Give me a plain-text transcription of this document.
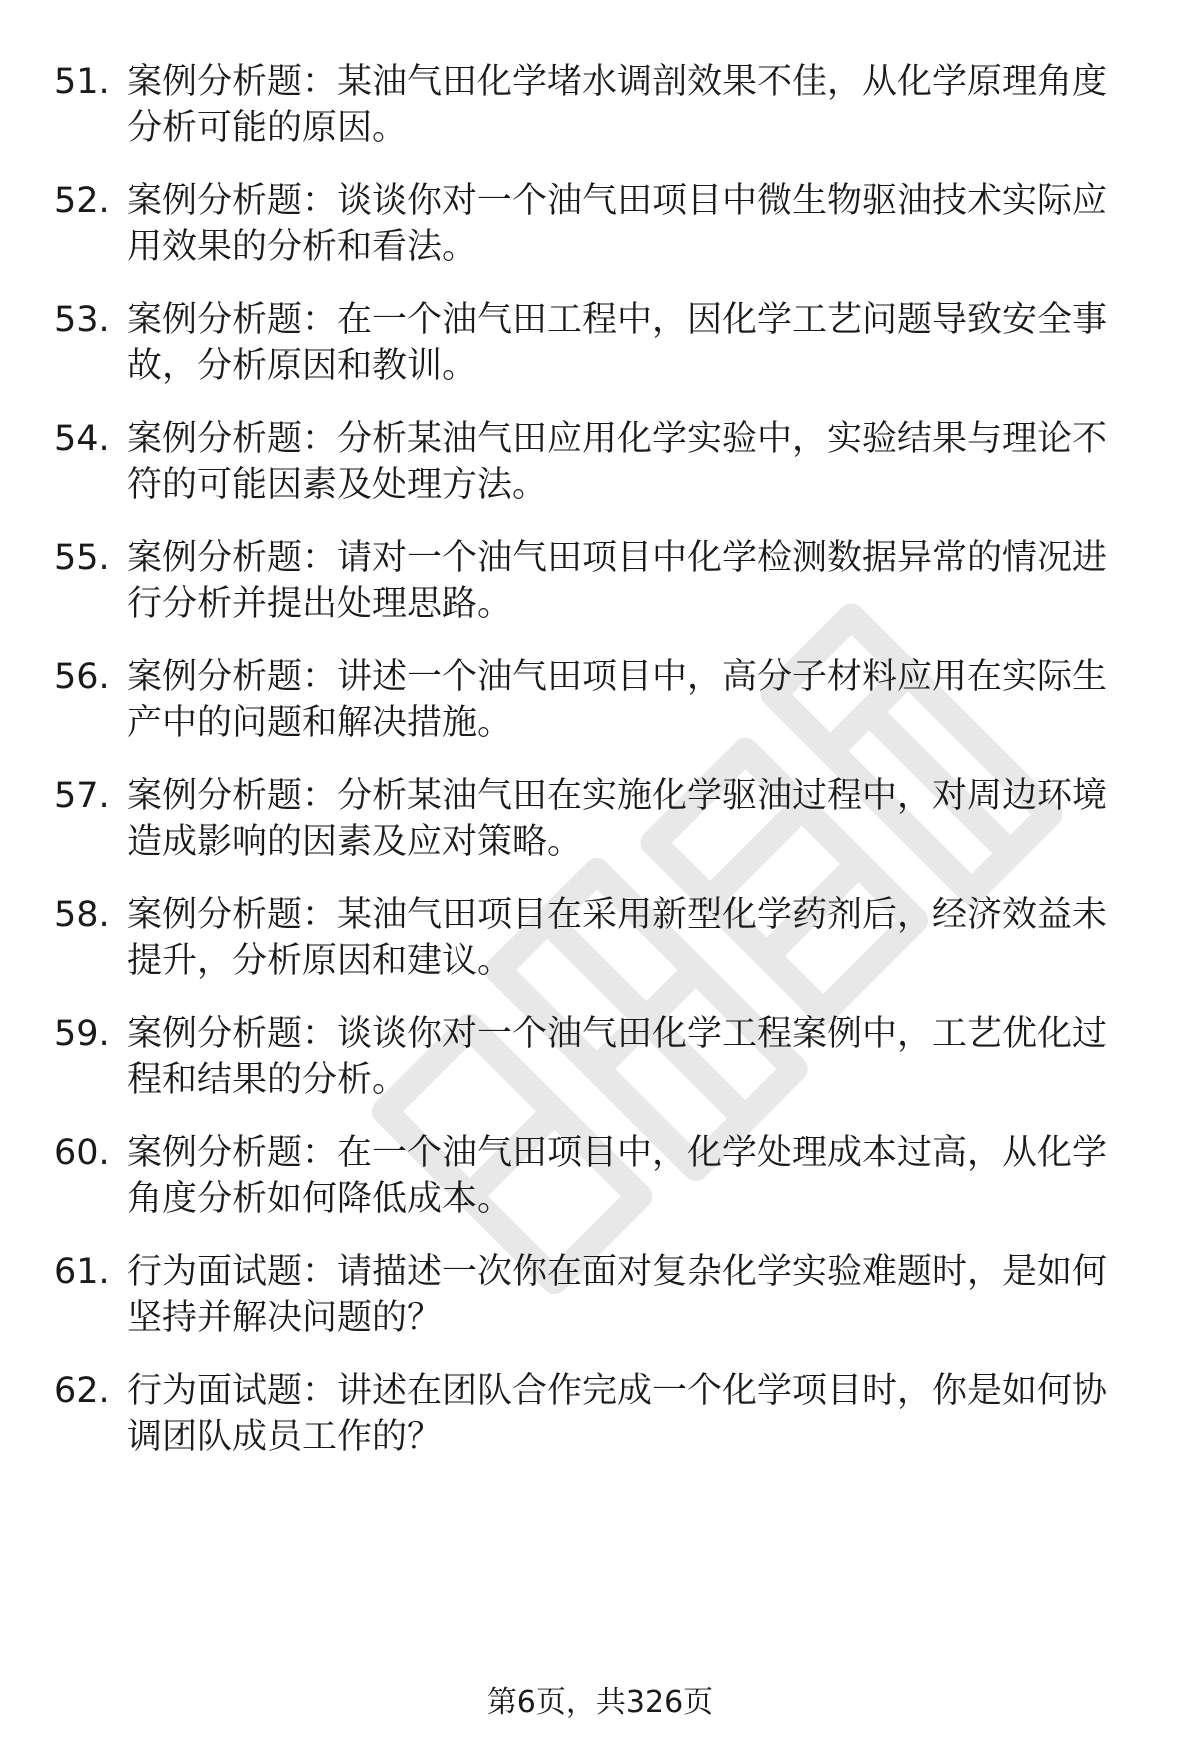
51. 案例分析题：某油气田化学堵水调剖效果不佳，从化学原理角度
分析可能的原因。
52. 案例分析题：谈谈你对一个油气田项目中微生物驱油技术实际应
用效果的分析和看法。
53. 案例分析题：在一个油气田工程中，因化学工艺问题导致安全事
故，分析原因和教训。
54. 案例分析题：分析某油气田应用化学实验中，实验结果与理论不
符的可能因素及处理方法。
55. 案例分析题：请对一个油气田项目中化学检测数据异常的情况进
行分析并提出处理思路。
56. 案例分析题：讲述一个油气田项目中，高分子材料应用在实际生
产中的问题和解决措施。
57. 案例分析题：分析某油气田在实施化学驱油过程中，对周边环境
造成影响的因素及应对策略。
58. 案例分析题：某油气田项目在采用新型化学药剂后，经济效益未
提升，分析原因和建议。
59. 案例分析题：谈谈你对一个油气田化学工程案例中，工艺优化过
程和结果的分析。
60. 案例分析题：在一个油气田项目中，化学处理成本过高，从化学
角度分析如何降低成本。
61. 行为面试题：请描述一次你在面对复杂化学实验难题时，是如何
坚持并解决问题的？
62. 行为面试题：讲述在团队合作完成一个化学项目时，你是如何协
调团队成员工作的？
第6页，共326页
